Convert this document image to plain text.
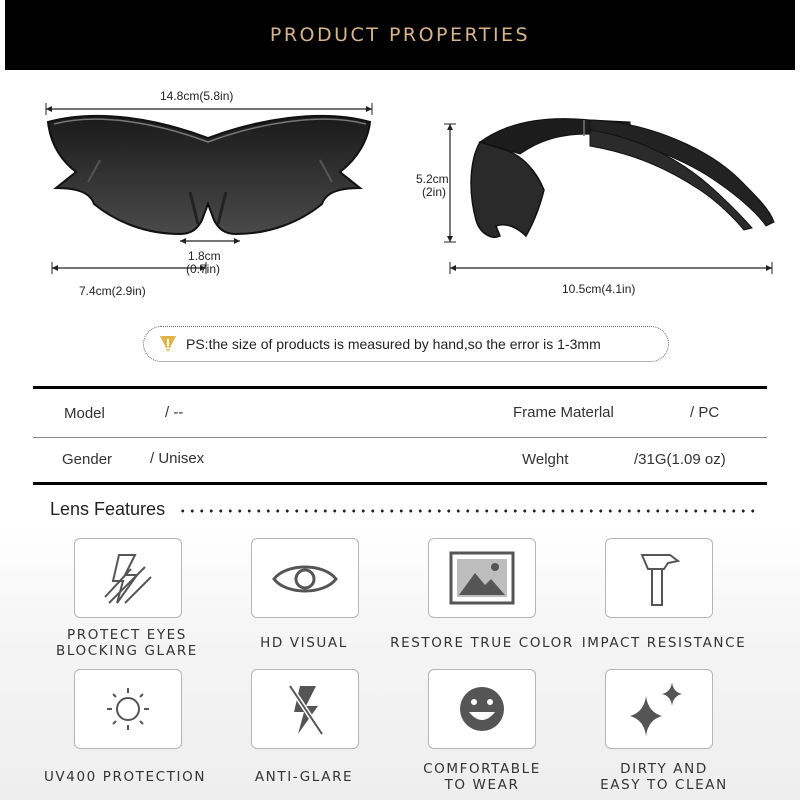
PRODUCT PROPERTIES
14.8cm(5.8in)
1.8cm
(0.7in)
7.4cm(2.9in)
5.2cm
(2in)
10.5cm(4.1in)
PS:the size of products is measured by hand,so the error is 1-3mm
Model	/ --	Frame Materlal	/ PC
Gender	/ Unisex	Welght	/31G(1.09 oz)
Lens Features
PROTECT EYES
BLOCKING GLARE	HD VISUAL	RESTORE TRUE COLOR IMPACT RESISTANCE
UV400 PROTECTION	ANTI-GLARE	COMFORTABLE
TO WEAR
DIRTY AND
EASY TO CLEAN
